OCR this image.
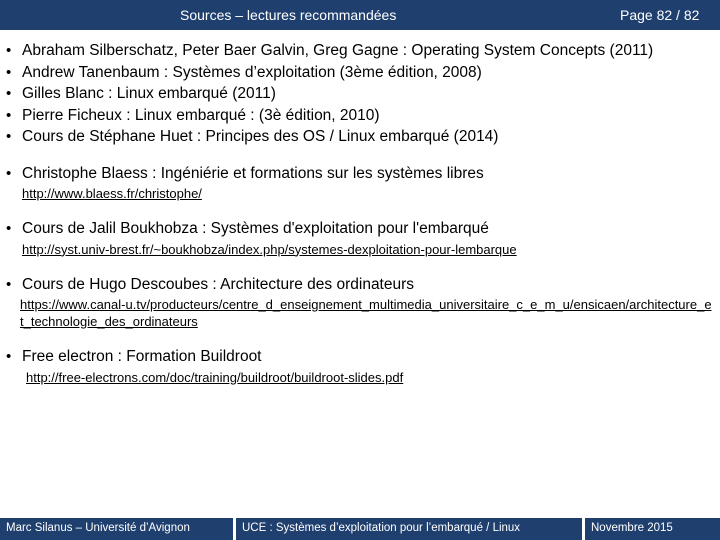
Sources – lectures recommandées	Page 82 / 82
• Abraham Silberschatz, Peter Baer Galvin, Greg Gagne : Operating System Concepts (2011)
• Andrew Tanenbaum : Systèmes d’exploitation (3ème édition, 2008)
• Gilles Blanc : Linux embarqué (2011)
• Pierre Ficheux : Linux embarqué : (3è édition, 2010)
• Cours de Stéphane Huet : Principes des OS / Linux embarqué (2014)
• Christophe Blaess : Ingéniérie et formations sur les systèmes libres
http://www.blaess.fr/christophe/
• Cours de Jalil Boukhobza : Systèmes d'exploitation pour l'embarqué
http://syst.univ-brest.fr/~boukhobza/index.php/systemes-dexploitation-pour-lembarque
• Cours de Hugo Descoubes : Architecture des ordinateurs
https://www.canal-u.tv/producteurs/centre_d_enseignement_multimedia_universitaire_c_e_m_u/ensicaen/architecture_et_technologie_des_ordinateurs
• Free electron : Formation Buildroot
http://free-electrons.com/doc/training/buildroot/buildroot-slides.pdf
Marc Silanus – Université d’Avignon	UCE : Systèmes d’exploitation pour l’embarqué / Linux	Novembre 2015
